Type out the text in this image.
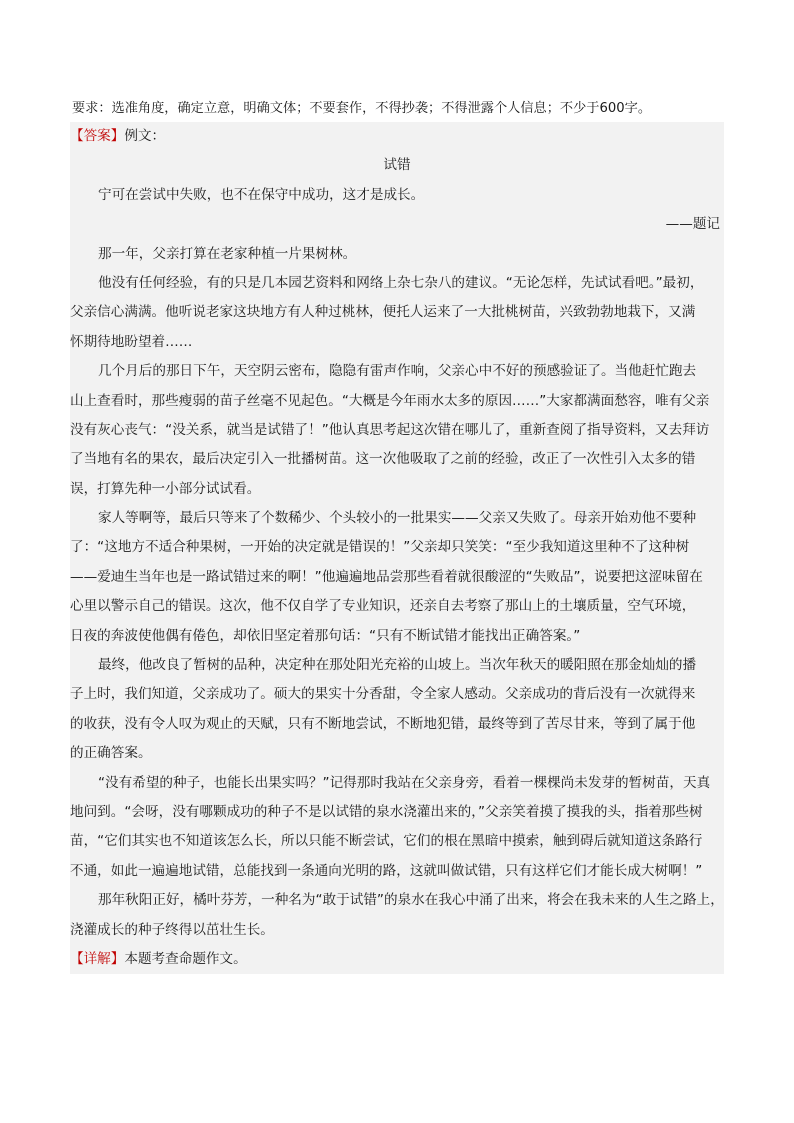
要求：选准角度，确定立意，明确文体；不要套作，不得抄袭；不得泄露个人信息；不少于600字。
【答案】例文：
试错
宁可在尝试中失败，也不在保守中成功，这才是成长。
——题记
那一年，父亲打算在老家种植一片果树林。
他没有任何经验，有的只是几本园艺资料和网络上杂七杂八的建议。“无论怎样，先试试看吧。”最初，
父亲信心满满。他听说老家这块地方有人种过桃林，便托人运来了一大批桃树苗，兴致勃勃地栽下，又满
怀期待地盼望着……
几个月后的那日下午，天空阴云密布，隐隐有雷声作响，父亲心中不好的预感验证了。当他赶忙跑去
山上查看时，那些瘦弱的苗子丝毫不见起色。“大概是今年雨水太多的原因……”大家都满面愁容，唯有父亲
没有灰心丧气：“没关系，就当是试错了！”他认真思考起这次错在哪儿了，重新查阅了指导资料，又去拜访
了当地有名的果农，最后决定引入一批播树苗。这一次他吸取了之前的经验，改正了一次性引入太多的错
误，打算先种一小部分试试看。
家人等啊等，最后只等来了个数稀少、个头较小的一批果实——父亲又失败了。母亲开始劝他不要种
了：“这地方不适合种果树，一开始的决定就是错误的！”父亲却只笑笑：“至少我知道这里种不了这种树
——爱迪生当年也是一路试错过来的啊！”他遍遍地品尝那些看着就很酸涩的“失败品”，说要把这涩味留在
心里以警示自己的错误。这次，他不仅自学了专业知识，还亲自去考察了那山上的土壤质量，空气环境，
日夜的奔波使他偶有倦色，却依旧坚定着那句话：“只有不断试错才能找出正确答案。”
最终，他改良了暂树的品种，决定种在那处阳光充裕的山坡上。当次年秋天的暖阳照在那金灿灿的播
子上时，我们知道，父亲成功了。硕大的果实十分香甜，令全家人感动。父亲成功的背后没有一次就得来
的收获，没有令人叹为观止的天赋，只有不断地尝试，不断地犯错，最终等到了苦尽甘来，等到了属于他
的正确答案。
“没有希望的种子，也能长出果实吗？”记得那时我站在父亲身旁，看着一棵棵尚未发芽的暂树苗，天真
地问到。“会呀，没有哪颗成功的种子不是以试错的泉水浇灌出来的，”父亲笑着摸了摸我的头，指着那些树
苗，“它们其实也不知道该怎么长，所以只能不断尝试，它们的根在黑暗中摸索，触到碍后就知道这条路行
不通，如此一遍遍地试错，总能找到一条通向光明的路，这就叫做试错，只有这样它们才能长成大树啊！”
那年秋阳正好，橘叶芬芳，一种名为“敢于试错”的泉水在我心中涌了出来，将会在我未来的人生之路上，
浇灌成长的种子终得以茁壮生长。
【详解】本题考查命题作文。
